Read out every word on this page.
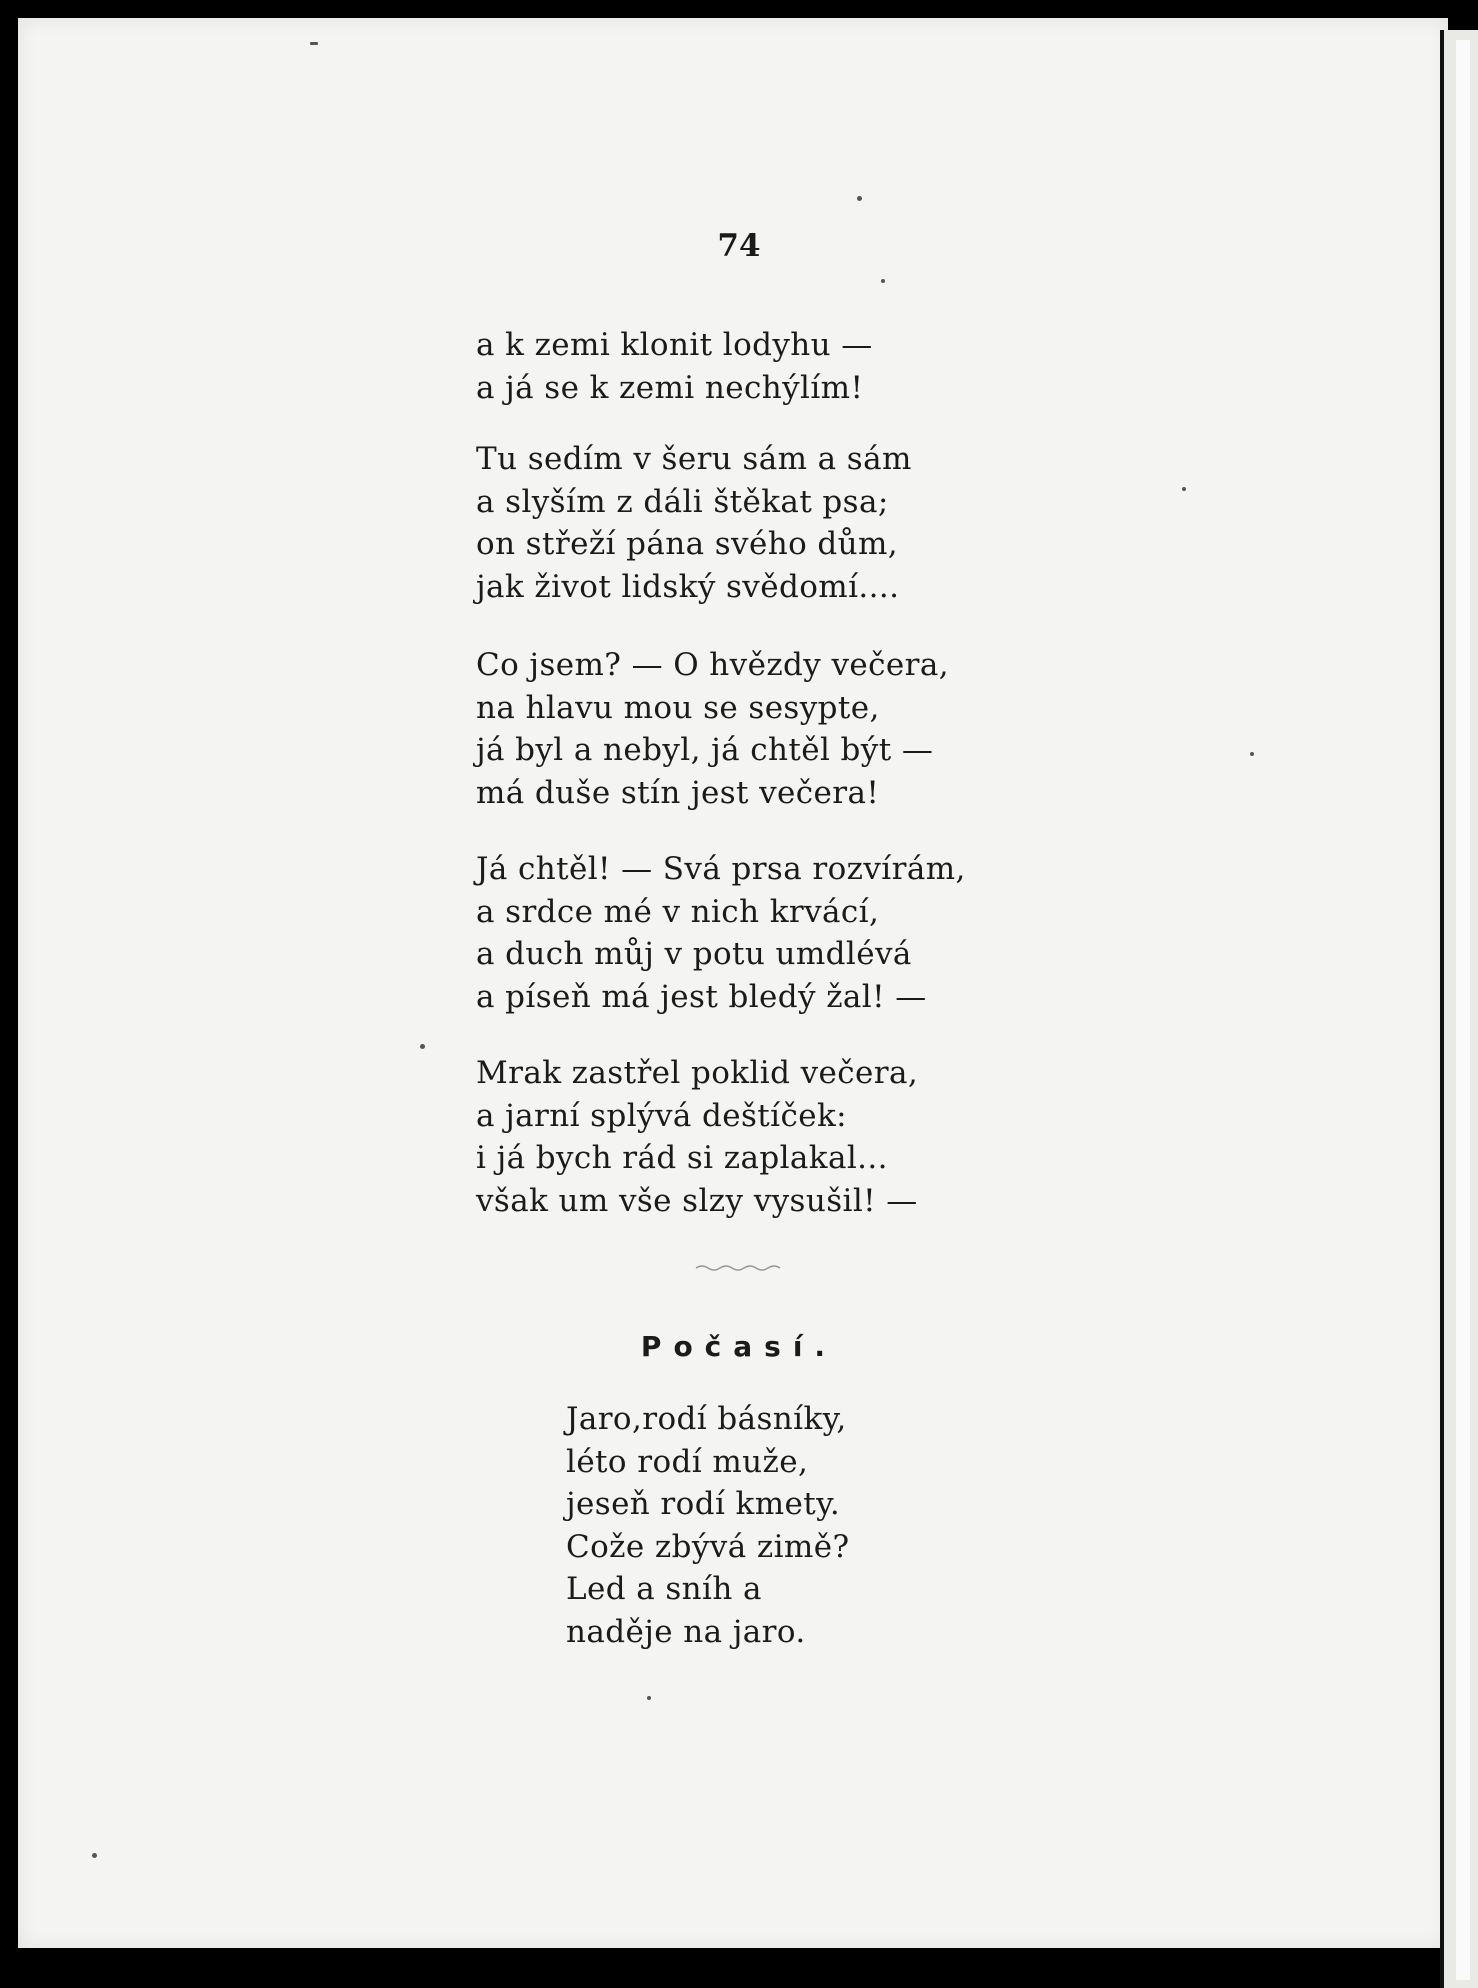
74
a k zemi klonit lodyhu —
a já se k zemi nechýlím!
Tu sedím v šeru sám a sám
a slyším z dáli štěkat psa;
on střeží pána svého dům,
jak život lidský svědomí....
Co jsem? — O hvězdy večera,
na hlavu mou se sesypte,
já byl a nebyl, já chtěl být —
má duše stín jest večera!
Já chtěl! — Svá prsa rozvírám,
a srdce mé v nich krvácí,
a duch můj v potu umdlévá
a píseň má jest bledý žal! —
Mrak zastřel poklid večera,
a jarní splývá deštíček:
i já bych rád si zaplakal...
však um vše slzy vysušil! —
Počasí.
Jaro,rodí básníky,
léto rodí muže,
jeseň rodí kmety.
Cože zbývá zimě?
Led a sníh a
naděje na jaro.
